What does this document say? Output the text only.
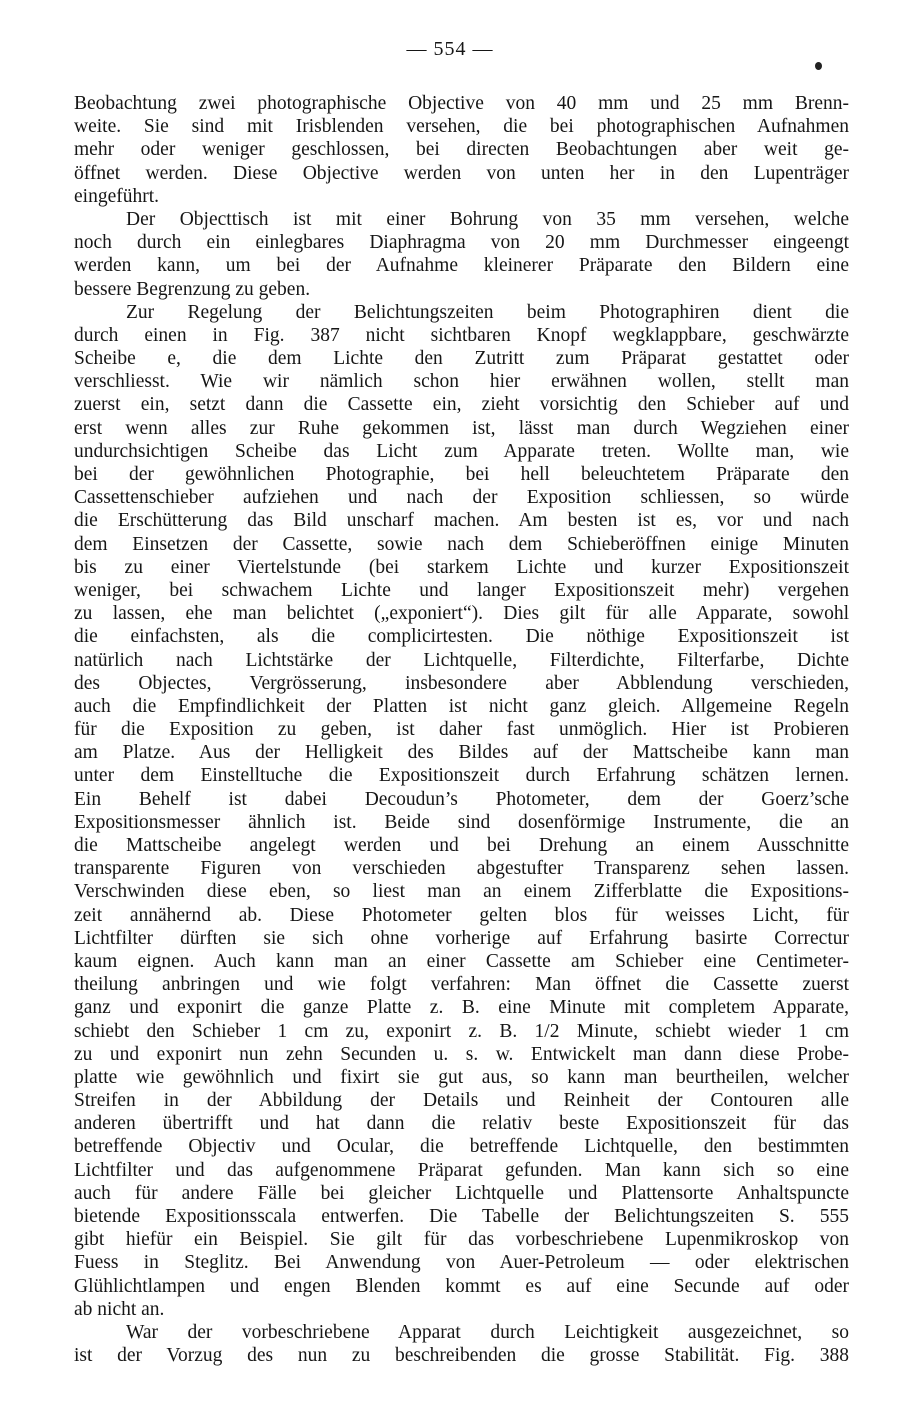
— 554 —
Beobachtung zwei photographische Objective von 40 mm und 25 mm Brenn-
weite. Sie sind mit Irisblenden versehen, die bei photographischen Aufnahmen
mehr oder weniger geschlossen, bei directen Beobachtungen aber weit ge-
öffnet werden. Diese Objective werden von unten her in den Lupenträger
eingeführt.
Der Objecttisch ist mit einer Bohrung von 35 mm versehen, welche
noch durch ein einlegbares Diaphragma von 20 mm Durchmesser eingeengt
werden kann, um bei der Aufnahme kleinerer Präparate den Bildern eine
bessere Begrenzung zu geben.
Zur Regelung der Belichtungszeiten beim Photographiren dient die
durch einen in Fig. 387 nicht sichtbaren Knopf wegklappbare, geschwärzte
Scheibe e, die dem Lichte den Zutritt zum Präparat gestattet oder
verschliesst. Wie wir nämlich schon hier erwähnen wollen, stellt man
zuerst ein, setzt dann die Cassette ein, zieht vorsichtig den Schieber auf und
erst wenn alles zur Ruhe gekommen ist, lässt man durch Wegziehen einer
undurchsichtigen Scheibe das Licht zum Apparate treten. Wollte man, wie
bei der gewöhnlichen Photographie, bei hell beleuchtetem Präparate den
Cassettenschieber aufziehen und nach der Exposition schliessen, so würde
die Erschütterung das Bild unscharf machen. Am besten ist es, vor und nach
dem Einsetzen der Cassette, sowie nach dem Schieberöffnen einige Minuten
bis zu einer Viertelstunde (bei starkem Lichte und kurzer Expositionszeit
weniger, bei schwachem Lichte und langer Expositionszeit mehr) vergehen
zu lassen, ehe man belichtet („exponiert“). Dies gilt für alle Apparate, sowohl
die einfachsten, als die complicirtesten. Die nöthige Expositionszeit ist
natürlich nach Lichtstärke der Lichtquelle, Filterdichte, Filterfarbe, Dichte
des Objectes, Vergrösserung, insbesondere aber Abblendung verschieden,
auch die Empfindlichkeit der Platten ist nicht ganz gleich. Allgemeine Regeln
für die Exposition zu geben, ist daher fast unmöglich. Hier ist Probieren
am Platze. Aus der Helligkeit des Bildes auf der Mattscheibe kann man
unter dem Einstelltuche die Expositionszeit durch Erfahrung schätzen lernen.
Ein Behelf ist dabei Decoudun’s Photometer, dem der Goerz’sche
Expositionsmesser ähnlich ist. Beide sind dosenförmige Instrumente, die an
die Mattscheibe angelegt werden und bei Drehung an einem Ausschnitte
transparente Figuren von verschieden abgestufter Transparenz sehen lassen.
Verschwinden diese eben, so liest man an einem Zifferblatte die Expositions-
zeit annähernd ab. Diese Photometer gelten blos für weisses Licht, für
Lichtfilter dürften sie sich ohne vorherige auf Erfahrung basirte Correctur
kaum eignen. Auch kann man an einer Cassette am Schieber eine Centimeter-
theilung anbringen und wie folgt verfahren: Man öffnet die Cassette zuerst
ganz und exponirt die ganze Platte z. B. eine Minute mit completem Apparate,
schiebt den Schieber 1 cm zu, exponirt z. B. 1/2 Minute, schiebt wieder 1 cm
zu und exponirt nun zehn Secunden u. s. w. Entwickelt man dann diese Probe-
platte wie gewöhnlich und fixirt sie gut aus, so kann man beurtheilen, welcher
Streifen in der Abbildung der Details und Reinheit der Contouren alle
anderen übertrifft und hat dann die relativ beste Expositionszeit für das
betreffende Objectiv und Ocular, die betreffende Lichtquelle, den bestimmten
Lichtfilter und das aufgenommene Präparat gefunden. Man kann sich so eine
auch für andere Fälle bei gleicher Lichtquelle und Plattensorte Anhaltspuncte
bietende Expositionsscala entwerfen. Die Tabelle der Belichtungszeiten S. 555
gibt hiefür ein Beispiel. Sie gilt für das vorbeschriebene Lupenmikroskop von
Fuess in Steglitz. Bei Anwendung von Auer-Petroleum — oder elektrischen
Glühlichtlampen und engen Blenden kommt es auf eine Secunde auf oder
ab nicht an.
War der vorbeschriebene Apparat durch Leichtigkeit ausgezeichnet, so
ist der Vorzug des nun zu beschreibenden die grosse Stabilität. Fig. 388
